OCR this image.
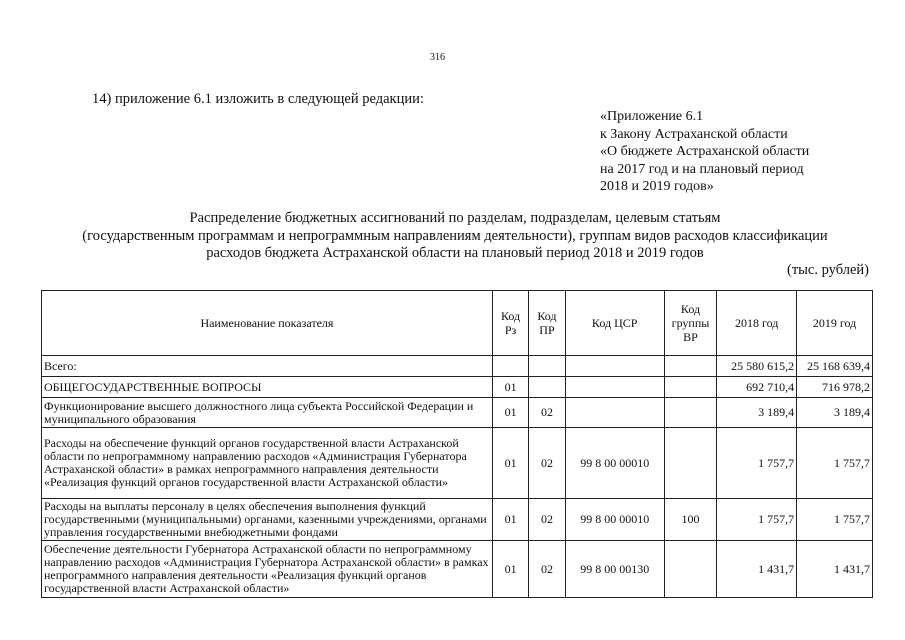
316
14) приложение 6.1 изложить в следующей редакции:
«Приложение 6.1
к Закону Астраханской области
«О бюджете Астраханской области
на 2017 год и на плановый период
2018 и 2019 годов»
Распределение бюджетных ассигнований по разделам, подразделам, целевым статьям
(государственным программам и непрограммным направлениям деятельности), группам видов расходов классификации
расходов бюджета Астраханской области на плановый период 2018 и 2019 годов
(тыс. рублей)
Наименование показателя	Код Рз	Код ПР	Код ЦСР	Код группы ВР	2018 год	2019 год
Всего:					25 580 615,2	25 168 639,4
ОБЩЕГОСУДАРСТВЕННЫЕ ВОПРОСЫ	01				692 710,4	716 978,2
Функционирование высшего должностного лица субъекта Российской Федерации и муниципального образования	01	02			3 189,4	3 189,4
Расходы на обеспечение функций органов государственной власти Астраханской области по непрограммному направлению расходов «Администрация Губернатора Астраханской области» в рамках непрограммного направления деятельности «Реализация функций органов государственной власти Астраханской области»	01	02	99 8 00 00010		1 757,7	1 757,7
Расходы на выплаты персоналу в целях обеспечения выполнения функций государственными (муниципальными) органами, казенными учреждениями, органами управления государственными внебюджетными фондами	01	02	99 8 00 00010	100	1 757,7	1 757,7
Обеспечение деятельности Губернатора Астраханской области по непрограммному направлению расходов «Администрация Губернатора Астраханской области» в рамках непрограммного направления деятельности «Реализация функций органов государственной власти Астраханской области»	01	02	99 8 00 00130		1 431,7	1 431,7
